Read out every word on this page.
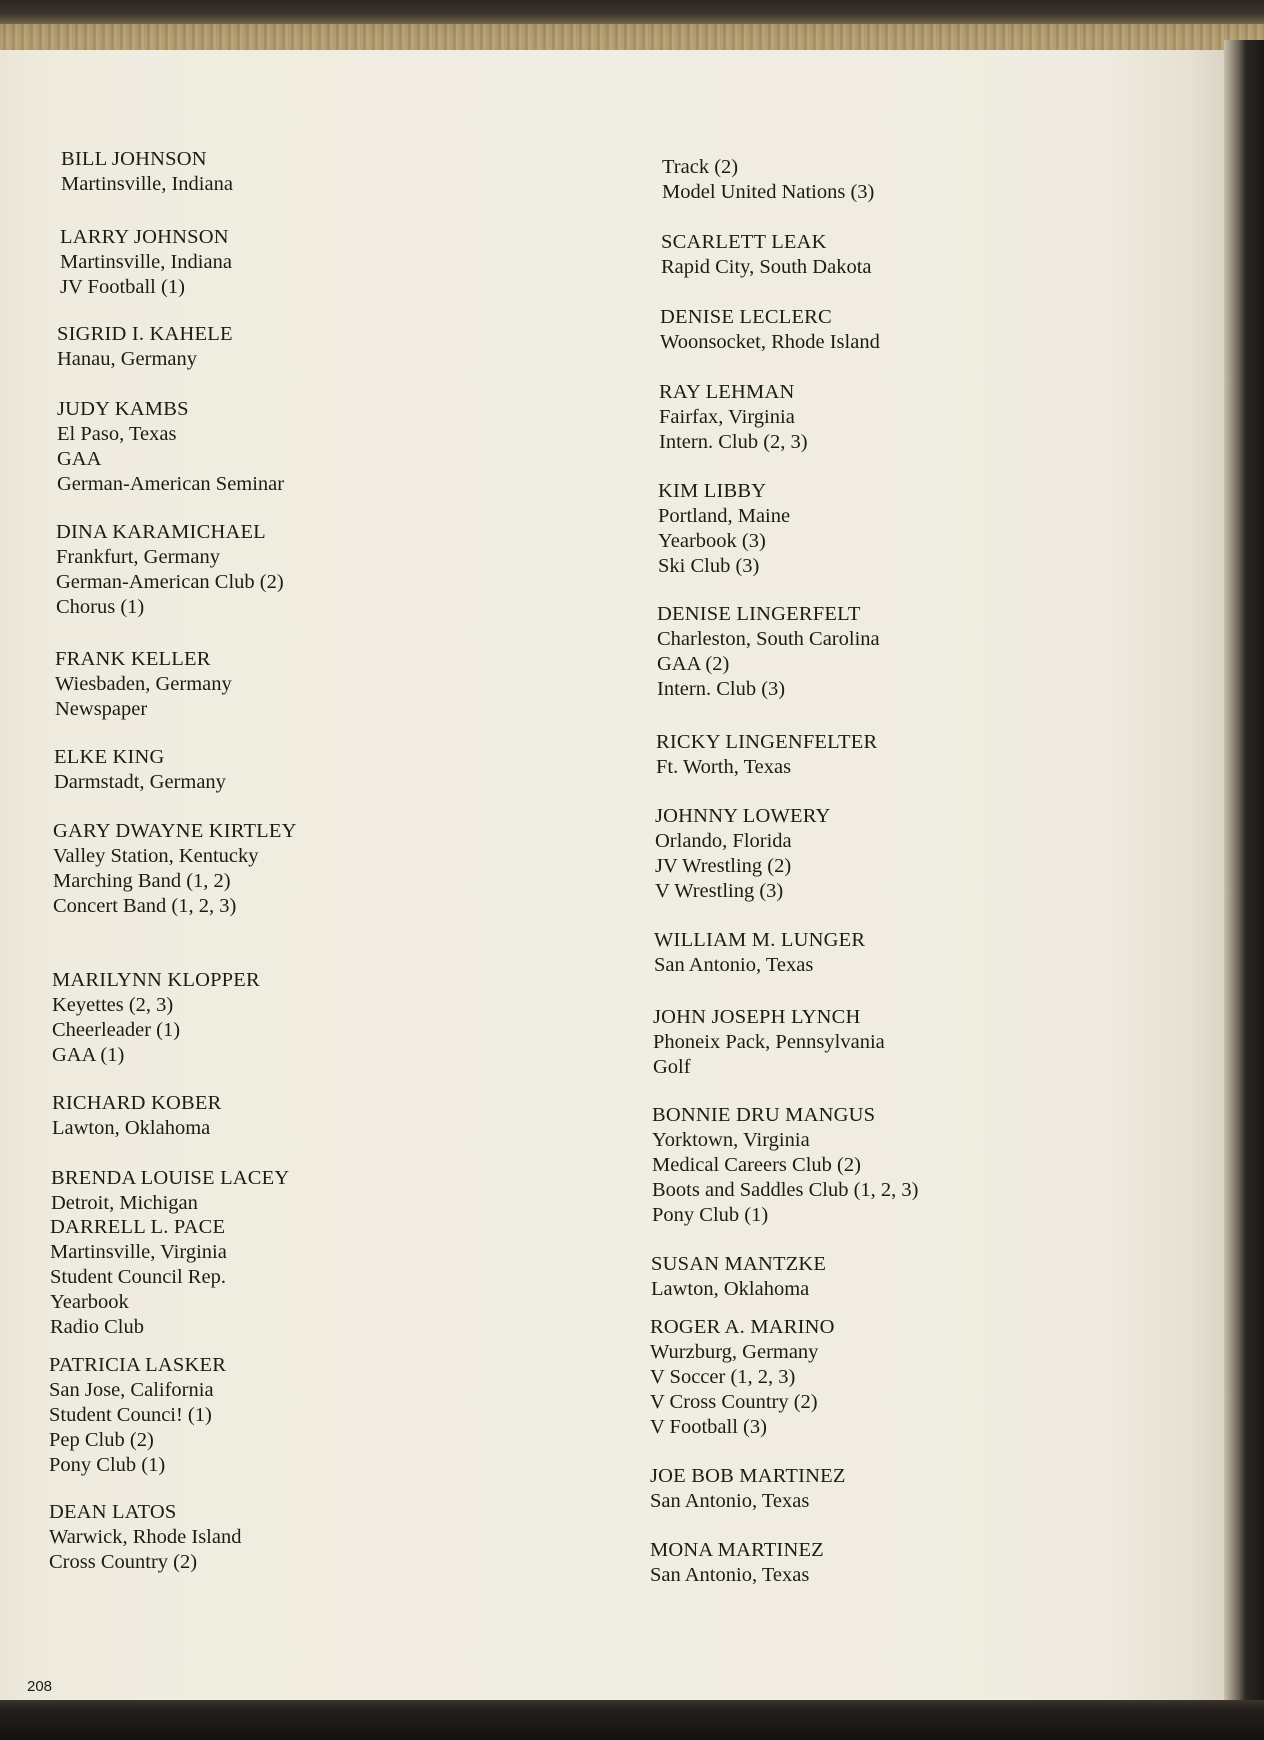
BILL JOHNSON
Martinsville, Indiana
LARRY JOHNSON
Martinsville, Indiana
JV Football (1)
SIGRID I. KAHELE
Hanau, Germany
JUDY KAMBS
El Paso, Texas
GAA
German-American Seminar
DINA KARAMICHAEL
Frankfurt, Germany
German-American Club (2)
Chorus (1)
FRANK KELLER
Wiesbaden, Germany
Newspaper
ELKE KING
Darmstadt, Germany
GARY DWAYNE KIRTLEY
Valley Station, Kentucky
Marching Band (1, 2)
Concert Band (1, 2, 3)
MARILYNN KLOPPER
Keyettes (2, 3)
Cheerleader (1)
GAA (1)
RICHARD KOBER
Lawton, Oklahoma
BRENDA LOUISE LACEY
Detroit, Michigan
DARRELL L. PACE
Martinsville, Virginia
Student Council Rep.
Yearbook
Radio Club
PATRICIA LASKER
San Jose, California
Student Counci! (1)
Pep Club (2)
Pony Club (1)
DEAN LATOS
Warwick, Rhode Island
Cross Country (2)
Track (2)
Model United Nations (3)
SCARLETT LEAK
Rapid City, South Dakota
DENISE LECLERC
Woonsocket, Rhode Island
RAY LEHMAN
Fairfax, Virginia
Intern. Club (2, 3)
KIM LIBBY
Portland, Maine
Yearbook (3)
Ski Club (3)
DENISE LINGERFELT
Charleston, South Carolina
GAA (2)
Intern. Club (3)
RICKY LINGENFELTER
Ft. Worth, Texas
JOHNNY LOWERY
Orlando, Florida
JV Wrestling (2)
V Wrestling (3)
WILLIAM M. LUNGER
San Antonio, Texas
JOHN JOSEPH LYNCH
Phoneix Pack, Pennsylvania
Golf
BONNIE DRU MANGUS
Yorktown, Virginia
Medical Careers Club (2)
Boots and Saddles Club (1, 2, 3)
Pony Club (1)
SUSAN MANTZKE
Lawton, Oklahoma
ROGER A. MARINO
Wurzburg, Germany
V Soccer (1, 2, 3)
V Cross Country (2)
V Football (3)
JOE BOB MARTINEZ
San Antonio, Texas
MONA MARTINEZ
San Antonio, Texas
208
